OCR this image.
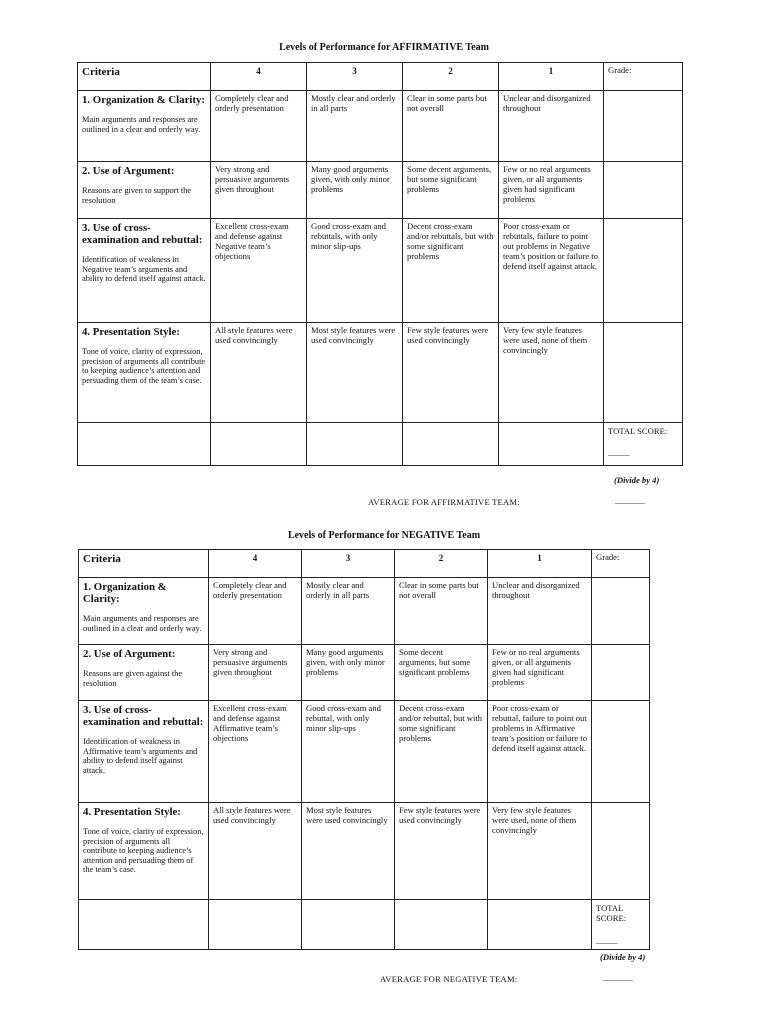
Levels of Performance for AFFIRMATIVE Team
Criteria	4	3	2	1	Grade:

1. Organization & Clarity:
Main arguments and responses are outlined in a clear and orderly way.	Completely clear and orderly presentation	Mostly clear and orderly in all parts	Clear in some parts but not overall	Unclear and disorganized throughout	

2. Use of Argument:
Reasons are given to support the resolution	Very strong and persuasive arguments given throughout	Many good arguments given, with only minor problems	Some decent arguments, but some significant problems	Few or no real arguments given, or all arguments given had significant problems	

3. Use of cross-examination and rebuttal:
Identification of weakness in Negative team’s arguments and ability to defend itself against attack.	Excellent cross-exam and defense against Negative team’s objections	Good cross-exam and rebuttals, with only minor slip-ups	Decent cross-exam and/or rebuttals, but with some significant problems	Poor cross-exam or rebuttals, failure to point out problems in Negative team’s position or failure to defend itself against attack.	

4. Presentation Style:
Tone of voice, clarity of expression, precision of arguments all contribute to keeping audience’s attention and persuading them of the team’s case.	All style features were used convincingly	Most style features were used convincingly	Few style features were used convincingly	Very few style features were used, none of them convincingly	

					TOTAL SCORE:
_____
(Divide by 4)
AVERAGE FOR AFFIRMATIVE TEAM:	_______
Levels of Performance for NEGATIVE Team
Criteria	4	3	2	1	Grade:

1. Organization & Clarity:
Main arguments and responses are outlined in a clear and orderly way.	Completely clear and orderly presentation	Mostly clear and orderly in all parts	Clear in some parts but not overall	Unclear and disorganized throughout	

2. Use of Argument:
Reasons are given against the resolution	Very strong and persuasive arguments given throughout	Many good arguments given, with only minor problems	Some decent arguments, but some significant problems	Few or no real arguments given, or all arguments given had significant problems	

3. Use of cross-examination and rebuttal:
Identification of weakness in Affirmative team’s arguments and ability to defend itself against attack.	Excellent cross-exam and defense against Affirmative team’s objections	Good cross-exam and rebuttal, with only minor slip-ups	Decent cross-exam and/or rebuttal, but with some significant problems	Poor cross-exam or rebuttal, failure to point out problems in Affirmative team’s position or failure to defend itself against attack.	

4. Presentation Style:
Tone of voice, clarity of expression, precision of arguments all contribute to keeping audience’s attention and persuading them of the team’s case.	All style features were used convincingly	Most style features were used convincingly	Few style features were used convincingly	Very few style features were used, none of them convincingly	

					TOTAL SCORE:
_____
(Divide by 4)
AVERAGE FOR NEGATIVE TEAM:	_______
